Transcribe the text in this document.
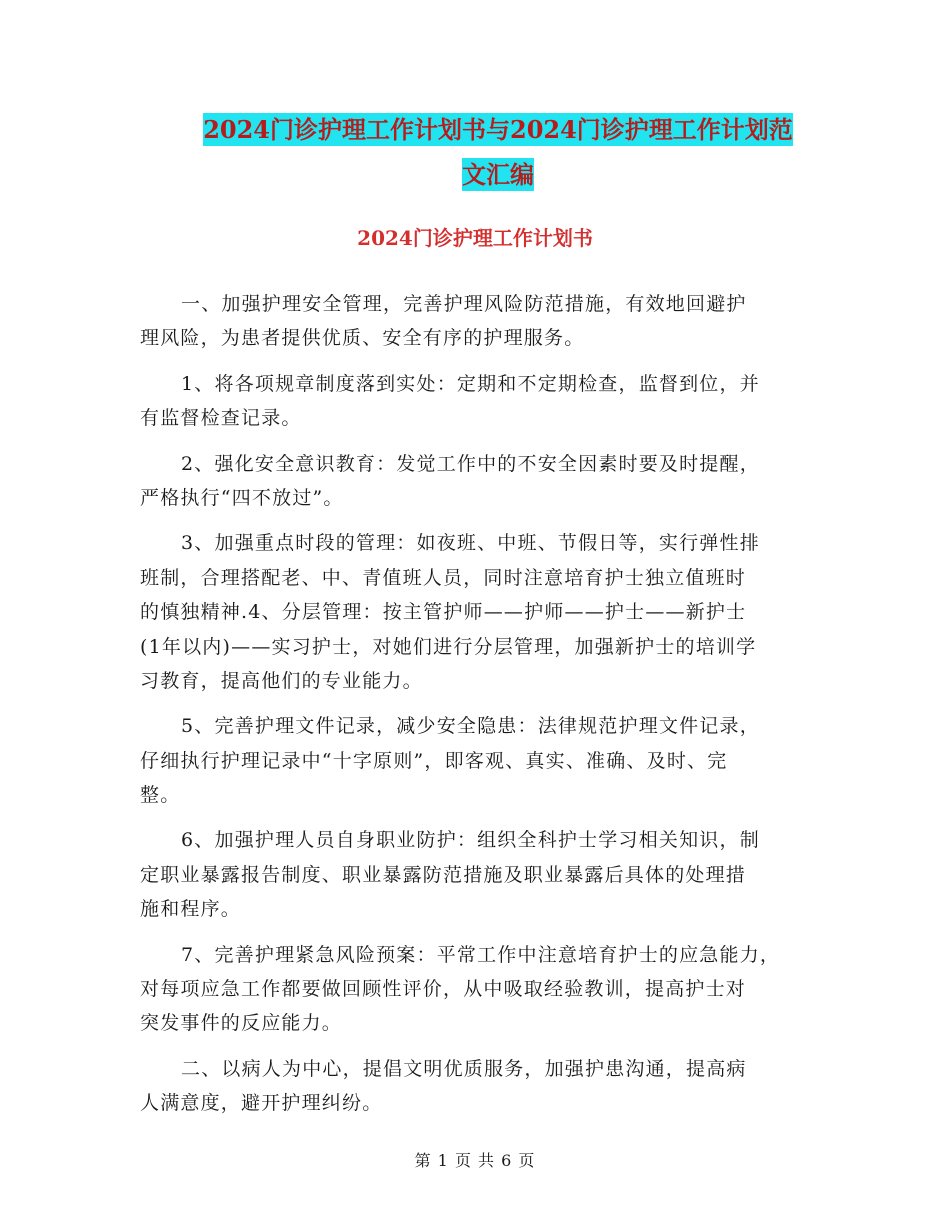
2024门诊护理工作计划书与2024门诊护理工作计划范
文汇编
2024门诊护理工作计划书
一、加强护理安全管理，完善护理风险防范措施，有效地回避护
理风险，为患者提供优质、安全有序的护理服务。
1、将各项规章制度落到实处：定期和不定期检查，监督到位，并
有监督检查记录。
2、强化安全意识教育：发觉工作中的不安全因素时要及时提醒，
严格执行“四不放过”。
3、加强重点时段的管理：如夜班、中班、节假日等，实行弹性排
班制，合理搭配老、中、青值班人员，同时注意培育护士独立值班时
的慎独精神.4、分层管理：按主管护师——护师——护士——新护士
(1年以内)——实习护士，对她们进行分层管理，加强新护士的培训学
习教育，提高他们的专业能力。
5、完善护理文件记录，减少安全隐患：法律规范护理文件记录，
仔细执行护理记录中“十字原则”，即客观、真实、准确、及时、完
整。
6、加强护理人员自身职业防护：组织全科护士学习相关知识，制
定职业暴露报告制度、职业暴露防范措施及职业暴露后具体的处理措
施和程序。
7、完善护理紧急风险预案：平常工作中注意培育护士的应急能力，
对每项应急工作都要做回顾性评价，从中吸取经验教训，提高护士对
突发事件的反应能力。
二、以病人为中心，提倡文明优质服务，加强护患沟通，提高病
人满意度，避开护理纠纷。
第 1 页 共 6 页
